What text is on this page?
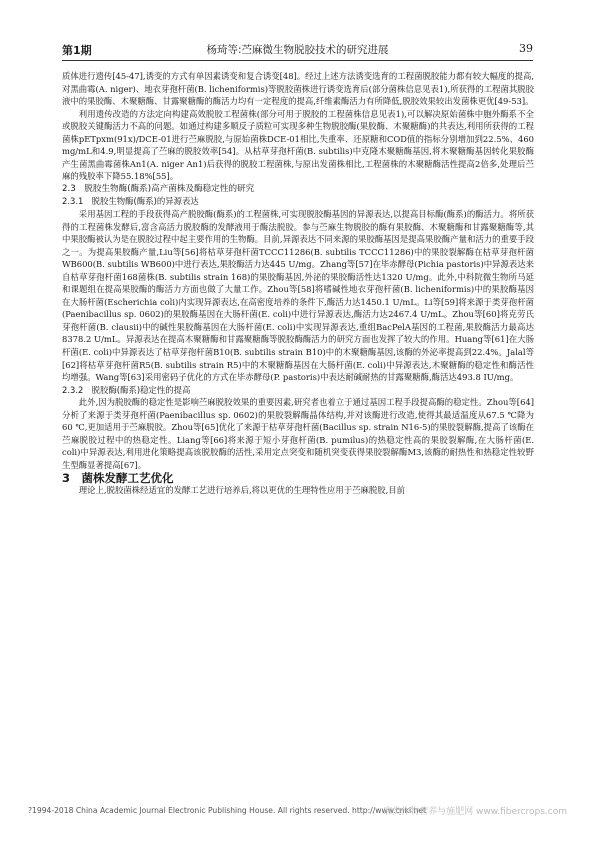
第1期	杨琦等:苎麻微生物脱胶技术的研究进展	39

质体进行遗传[45-47],诱变的方式有单因素诱变和复合诱变[48]。经过上述方法诱变选育的工程菌脱胶能力都有较大幅度的提高,对黑曲霉(A. niger)、地衣芽孢杆菌(B. licheniformis)等脱胶菌株进行诱变选育后(部分菌株信息见表1),所获得的工程菌其脱胶液中的果胶酶、木聚糖酶、甘露聚糖酶的酶活力均有一定程度的提高,纤维素酶活力有所降低,脱胶效果较出发菌株更优[49-53]。

利用遗传改造的方法定向构建高效脱胶工程菌株(部分可用于脱胶的工程菌株信息见表1),可以解决原始菌株中胞外酶系不全或脱胶关键酶活力不高的问题。如通过构建多顺反子质粒可实现多种生物脱胶酶(果胶酶、木聚糖酶)的共表达,利用所获得的工程菌株pETpxm(91x)/DCE-01进行苎麻脱胶,与原始菌株DCE-01相比,失重率、还原糖和COD值的指标分别增加到22.5%、460 mg/mL和4.9,明显提高了苎麻的脱胶效率[54]。从枯草芽孢杆菌(B. subtilis)中克隆木聚糖酶基因,将木聚糖酶基因转化果胶酶产生菌黑曲霉菌株An1(A. niger An1)后获得的脱胶工程菌株,与原出发菌株相比,工程菌株的木聚糖酶活性提高2倍多,处理后苎麻的残胶率下降55.18%[55]。

2.3　脱胶生物酶(酶系)高产菌株及酶稳定性的研究

2.3.1　脱胶生物酶(酶系)的异源表达

采用基因工程的手段获得高产脱胶酶(酶系)的工程菌株,可实现脱胶酶基因的异源表达,以提高目标酶(酶系)的酶活力。将所获得的工程菌株发酵后,富含高活力脱胶酶的发酵液用于酶法脱胶。参与苎麻生物脱胶的酶有果胶酶、木聚糖酶和甘露聚糖酶等,其中果胶酶被认为是在脱胶过程中起主要作用的生物酶。目前,异源表达不同来源的果胶酶基因是提高果胶酶产量和活力的重要手段之一。为提高果胶酶产量,Liu等[56]将枯草芽孢杆菌TCCC11286(B. subtilis TCCC11286)中的果胶裂解酶在枯草芽孢杆菌WB600(B. subtilis WB600)中进行表达,果胶酶活力达445 U/mg。Zhang等[57]在毕赤酵母(Pichia pastoris)中异源表达来自枯草芽孢杆菌168菌株(B. subtilis strain 168)的果胶酶基因,外泌的果胶酶活性达1320 U/mg。此外,中科院微生物所马延和课题组在提高果胶酶的酶活力方面也做了大量工作。Zhou等[58]将嗜碱性地衣芽孢杆菌(B. licheniformis)中的果胶酶基因在大肠杆菌(Escherichia coli)内实现异源表达,在高密度培养的条件下,酶活力达1450.1 U/mL。Li等[59]将来源于类芽孢杆菌(Paenibacillus sp. 0602)的果胶酶基因在大肠杆菌(E. coli)中进行异源表达,酶活力达2467.4 U/mL。Zhou等[60]将克劳氏芽孢杆菌(B. clausii)中的碱性果胶酶基因在大肠杆菌(E. coli)中实现异源表达,重组BacPelA基因的工程菌,果胶酶活力最高达8378.2 U/mL。异源表达在提高木聚糖酶和甘露聚糖酶等脱胶酶酶活力的研究方面也发挥了较大的作用。Huang等[61]在大肠杆菌(E. coli)中异源表达了枯草芽孢杆菌B10(B. subtilis strain B10)中的木聚糖酶基因,该酶的外泌率提高到22.4%。Jalal等[62]将枯草芽孢杆菌R5(B. subtilis strain R5)中的木聚糖酶基因在大肠杆菌(E. coli)中异源表达,木聚糖酶的稳定性和酶活性均增强。Wang等[63]采用密码子优化的方式在毕赤酵母(P. pastoris)中表达耐碱耐热的甘露聚糖酶,酶活达493.8 IU/mg。

2.3.2　脱胶酶(酶系)稳定性的提高

此外,因为脱胶酶的稳定性是影响苎麻脱胶效果的重要因素,研究者也着立于通过基因工程手段提高酶的稳定性。Zhou等[64]分析了来源于类芽孢杆菌(Paenibacillus sp. 0602)的果胶裂解酶晶体结构,并对该酶进行改造,使得其最适温度从67.5 ℃降为60 ℃,更加适用于苎麻脱胶。Zhou等[65]优化了来源于枯草芽孢杆菌(Bacillus sp. strain N16-5)的果胶裂解酶,提高了该酶在苎麻脱胶过程中的热稳定性。Liang等[66]将来源于短小芽孢杆菌(B. pumilus)的热稳定性高的果胶裂解酶,在大肠杆菌(E. coli)中异源表达,利用进化策略提高该脱胶酶的活性,采用定点突变和随机突变获得果胶裂解酶M3,该酶的耐热性和热稳定性较野生型酶显著提高[67]。

3　菌株发酵工艺优化

理论上,脱胶菌株经适宜的发酵工艺进行培养后,将以更优的生理特性应用于苎麻脱胶,目前

?1994-2018 China Academic Journal Electronic Publishing House. All rights reserved. http://www.cnki.net
麻类作物营养与施肥网 www.fibercrops.com
